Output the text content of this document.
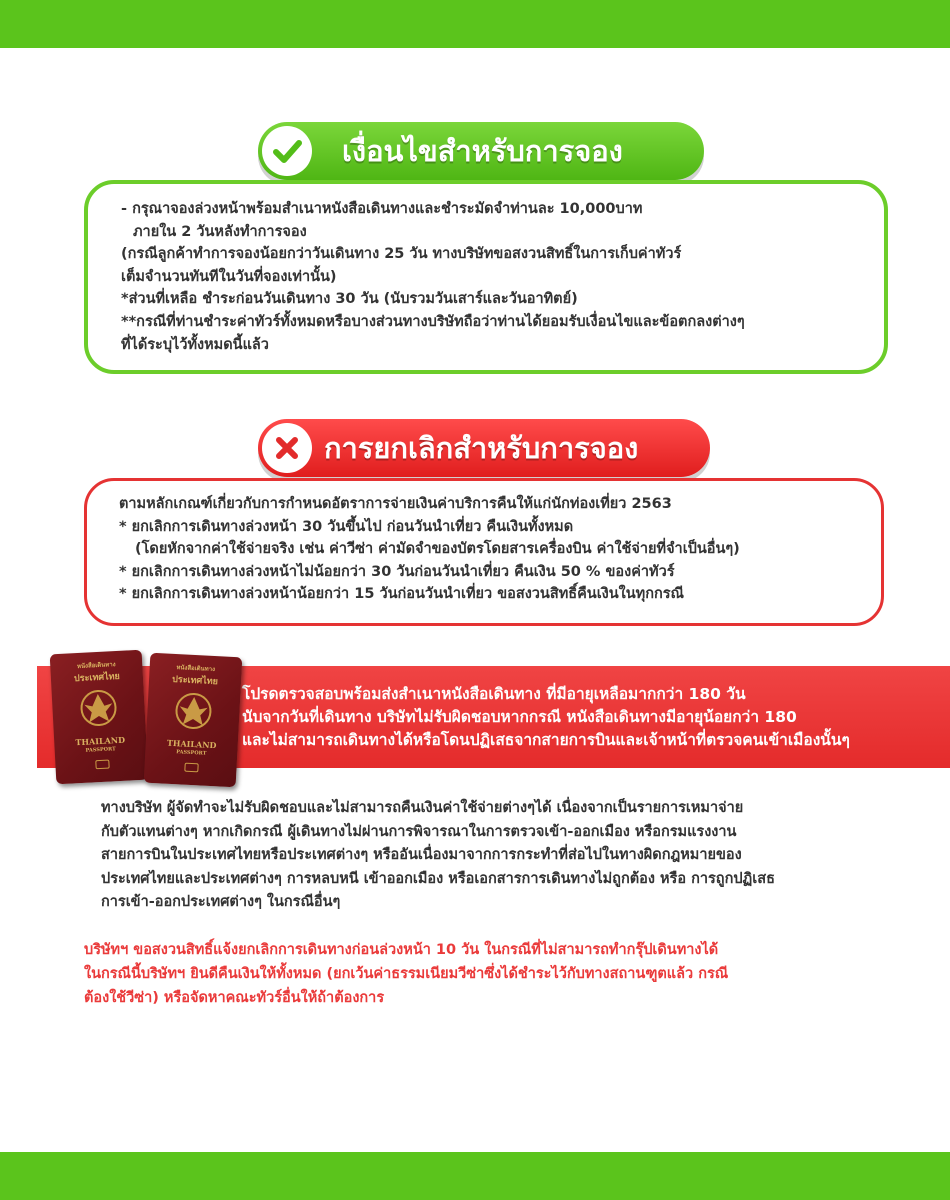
เงื่อนไขสำหรับการจอง
- กรุณาจองล่วงหน้าพร้อมสำเนาหนังสือเดินทางและชำระมัดจำท่านละ 10,000บาท
ภายใน 2 วันหลังทำการจอง
(กรณีลูกค้าทำการจองน้อยกว่าวันเดินทาง 25 วัน ทางบริษัทขอสงวนสิทธิ์ในการเก็บค่าทัวร์
เต็มจำนวนทันทีในวันที่จองเท่านั้น)
*ส่วนที่เหลือ ชำระก่อนวันเดินทาง 30 วัน (นับรวมวันเสาร์และวันอาทิตย์)
**กรณีที่ท่านชำระค่าทัวร์ทั้งหมดหรือบางส่วนทางบริษัทถือว่าท่านได้ยอมรับเงื่อนไขและข้อตกลงต่างๆ
ที่ได้ระบุไว้ทั้งหมดนี้แล้ว
การยกเลิกสำหรับการจอง
ตามหลักเกณฑ์เกี่ยวกับการกำหนดอัตราการจ่ายเงินค่าบริการคืนให้แก่นักท่องเที่ยว 2563
* ยกเลิกการเดินทางล่วงหน้า 30 วันขึ้นไป ก่อนวันนำเที่ยว คืนเงินทั้งหมด
(โดยหักจากค่าใช้จ่ายจริง เช่น ค่าวีซ่า ค่ามัดจำของบัตรโดยสารเครื่องบิน ค่าใช้จ่ายที่จำเป็นอื่นๆ)
* ยกเลิกการเดินทางล่วงหน้าไม่น้อยกว่า 30 วันก่อนวันนำเที่ยว คืนเงิน 50 % ของค่าทัวร์
* ยกเลิกการเดินทางล่วงหน้าน้อยกว่า 15 วันก่อนวันนำเที่ยว ขอสงวนสิทธิ์คืนเงินในทุกกรณี
โปรดตรวจสอบพร้อมส่งสำเนาหนังสือเดินทาง ที่มีอายุเหลือมากกว่า 180 วัน
นับจากวันที่เดินทาง บริษัทไม่รับผิดชอบหากกรณี หนังสือเดินทางมีอายุน้อยกว่า 180
และไม่สามารถเดินทางได้หรือโดนปฏิเสธจากสายการบินและเจ้าหน้าที่ตรวจคนเข้าเมืองนั้นๆ
หนังสือเดินทาง
ประเทศไทย
THAILAND
PASSPORT
หนังสือเดินทาง
ประเทศไทย
THAILAND
PASSPORT
ทางบริษัท ผู้จัดทำจะไม่รับผิดชอบและไม่สามารถคืนเงินค่าใช้จ่ายต่างๆได้ เนื่องจากเป็นรายการเหมาจ่าย
กับตัวแทนต่างๆ หากเกิดกรณี ผู้เดินทางไม่ผ่านการพิจารณาในการตรวจเข้า-ออกเมือง หรือกรมแรงงาน
สายการบินในประเทศไทยหรือประเทศต่างๆ หรืออันเนื่องมาจากการกระทำที่ส่อไปในทางผิดกฎหมายของ
ประเทศไทยและประเทศต่างๆ การหลบหนี เข้าออกเมือง หรือเอกสารการเดินทางไม่ถูกต้อง หรือ การถูกปฏิเสธ
การเข้า-ออกประเทศต่างๆ ในกรณีอื่นๆ
บริษัทฯ ขอสงวนสิทธิ์แจ้งยกเลิกการเดินทางก่อนล่วงหน้า 10 วัน ในกรณีที่ไม่สามารถทำกรุ๊ปเดินทางได้
ในกรณีนี้บริษัทฯ ยินดีคืนเงินให้ทั้งหมด (ยกเว้นค่าธรรมเนียมวีซ่าซึ่งได้ชำระไว้กับทางสถานฑูตแล้ว กรณี
ต้องใช้วีซ่า) หรือจัดหาคณะทัวร์อื่นให้ถ้าต้องการ
